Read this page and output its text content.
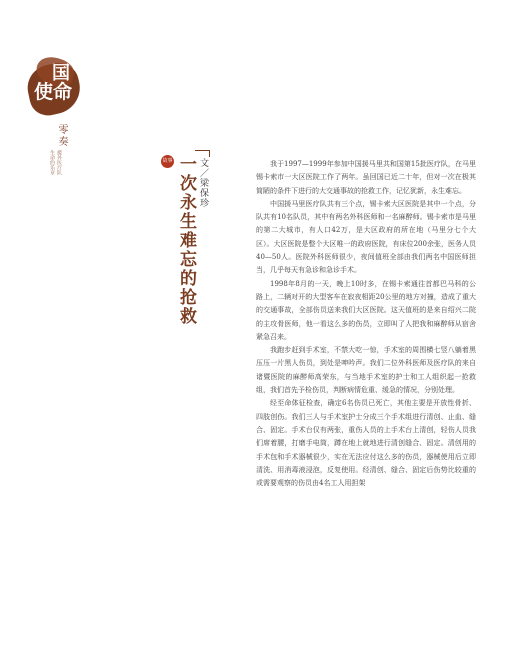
国
使命
零奏
援外医疗队 生命的乐章	故事	文／梁保珍
一次永生难忘的抢救	我于1997—1999年参加中国援马里共和国第15批医疗队，在马里锡卡索市一大区医院工作了两年。虽回国已近二十年，但对一次在极其简陋的条件下进行的大交通事故的抢救工作，记忆犹新，永生难忘。

中国援马里医疗队共有三个点，锡卡索大区医院是其中一个点，分队共有10名队员，其中有两名外科医师和一名麻醉师。锡卡索市是马里的第二大城市，有人口42万，是大区政府的所在地（马里分七个大区）。大区医院是整个大区唯一的政府医院，有床位200余张，医务人员40—50人。医院外科医师很少，夜间值班全部由我们两名中国医师担当，几乎每天有急诊和急诊手术。

1998年8月的一天，晚上10时多，在锡卡索通往首都巴马科的公路上，二辆对开的大型客车在寂夜相距20公里的地方对撞，造成了重大的交通事故，全部伤员送来我们大区医院。这天值班的是来自绍兴二院的主攻骨医师，他一看这么多的伤员，立即叫了人把我和麻醉师从宿舍紧急召来。

我跑步赶到手术室，不禁大吃一惊，手术室的周围横七竖八躺着黑压压一片黑人伤员，到处是呻吟声。我们二位外科医师及医疗队的来自诸暨医院的麻醉师高荣东，与当地手术室的护士和工人组织起一抢救组，我们首先予检伤员，判断病情危重、缓急的情况，分别处理。

经至命体征检查，确定6名伤员已死亡，其他主要是开放性骨折、四肢创伤。我们三人与手术室护士分成三个手术组进行清创、止血、缝合、固定。手术台仅有两张，重伤人员的上手术台上清创，轻伤人员我们席着腰，打磨手电筒，蹲在地上就地进行清创缝合、固定。清创用的手术包和手术器械很少，实在无法应付这么多的伤员，器械使用后立即清洗、用消毒液浸泡，反复使用。经清创、缝合、固定后伤势比较重的或需要观察的伤员由4名工人用担架
